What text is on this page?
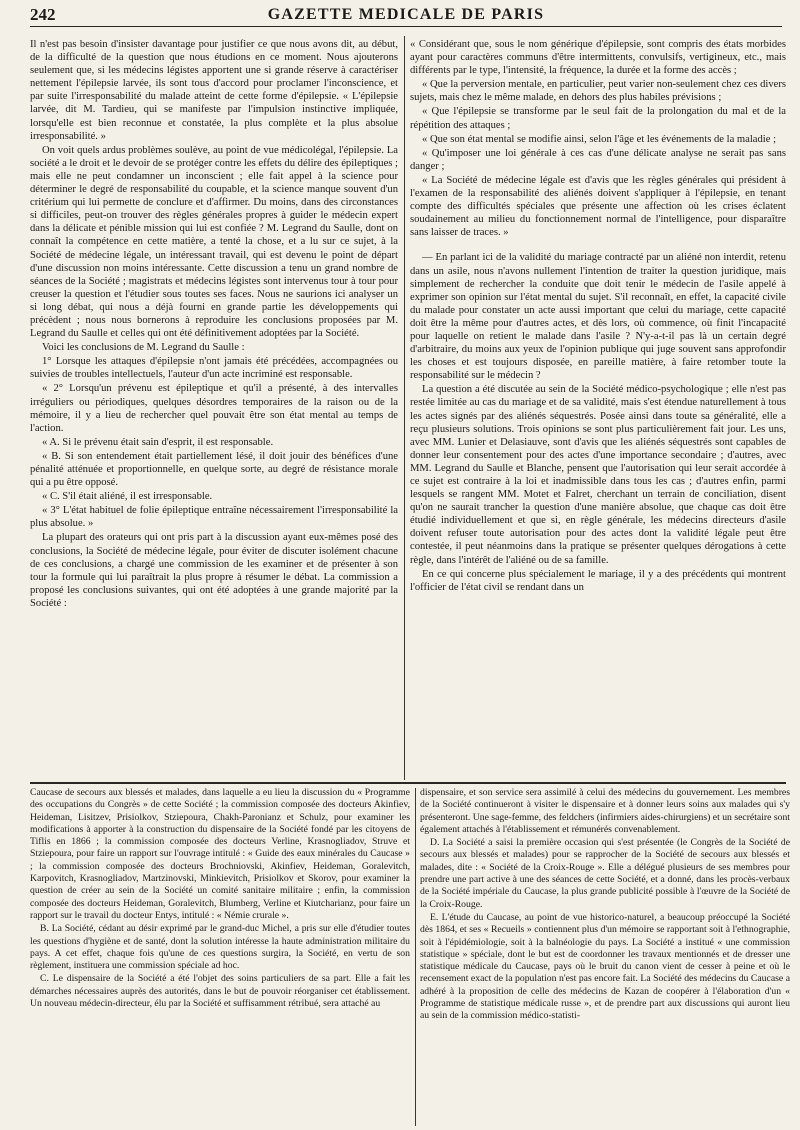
242	GAZETTE MEDICALE DE PARIS

Il n'est pas besoin d'insister davantage pour justifier ce que nous avons dit, au début, de la difficulté de la question que nous étudions en ce moment. Nous ajouterons seulement que, si les médecins légistes apportent une si grande réserve à caractériser nettement l'épilepsie larvée, ils sont tous d'accord pour proclamer l'inconscience, et par suite l'irresponsabilité du malade atteint de cette forme d'épilepsie. « L'épilepsie larvée, dit M. Tardieu, qui se manifeste par l'impulsion instinctive impliquée, lorsqu'elle est bien reconnue et constatée, la plus complète et la plus absolue irresponsabilité. »

On voit quels ardus problèmes soulève, au point de vue médicolégal, l'épilepsie. La société a le droit et le devoir de se protéger contre les effets du délire des épileptiques ; mais elle ne peut condamner un inconscient ; elle fait appel à la science pour déterminer le degré de responsabilité du coupable, et la science manque souvent d'un critérium qui lui permette de conclure et d'affirmer. Du moins, dans des circonstances si difficiles, peut-on trouver des règles générales propres à guider le médecin expert dans la délicate et pénible mission qui lui est confiée ? M. Legrand du Saulle, dont on connaît la compétence en cette matière, a tenté la chose, et a lu sur ce sujet, à la Société de médecine légale, un intéressant travail, qui est devenu le point de départ d'une discussion non moins intéressante. Cette discussion a tenu un grand nombre de séances de la Société ; magistrats et médecins légistes sont intervenus tour à tour pour creuser la question et l'étudier sous toutes ses faces. Nous ne saurions ici analyser un si long débat, qui nous a déjà fourni en grande partie les développements qui précèdent ; nous nous bornerons à reproduire les conclusions proposées par M. Legrand du Saulle et celles qui ont été définitivement adoptées par la Société.

Voici les conclusions de M. Legrand du Saulle :

1° Lorsque les attaques d'épilepsie n'ont jamais été précédées, accompagnées ou suivies de troubles intellectuels, l'auteur d'un acte incriminé est responsable.

« 2° Lorsqu'un prévenu est épileptique et qu'il a présenté, à des intervalles irréguliers ou périodiques, quelques désordres temporaires de la raison ou de la mémoire, il y a lieu de rechercher quel pouvait être son état mental au temps de l'action.

« A. Si le prévenu était sain d'esprit, il est responsable.

« B. Si son entendement était partiellement lésé, il doit jouir des bénéfices d'une pénalité atténuée et proportionnelle, en quelque sorte, au degré de résistance morale qui a pu être opposé.

« C. S'il était aliéné, il est irresponsable.

« 3° L'état habituel de folie épileptique entraîne nécessairement l'irresponsabilité la plus absolue. »

La plupart des orateurs qui ont pris part à la discussion ayant eux-mêmes posé des conclusions, la Société de médecine légale, pour éviter de discuter isolément chacune de ces conclusions, a chargé une commission de les examiner et de présenter à son tour la formule qui lui paraîtrait la plus propre à résumer le débat. La commission a proposé les conclusions suivantes, qui ont été adoptées à une grande majorité par la Société :

« Considérant que, sous le nom générique d'épilepsie, sont compris des états morbides ayant pour caractères communs d'être intermittents, convulsifs, vertigineux, etc., mais différents par le type, l'intensité, la fréquence, la durée et la forme des accès ;

« Que la perversion mentale, en particulier, peut varier non-seulement chez ces divers sujets, mais chez le même malade, en dehors des plus habiles prévisions ;

« Que l'épilepsie se transforme par le seul fait de la prolongation du mal et de la répétition des attaques ;

« Que son état mental se modifie ainsi, selon l'âge et les événements de la maladie ;

« Qu'imposer une loi générale à ces cas d'une délicate analyse ne serait pas sans danger ;

« La Société de médecine légale est d'avis que les règles générales qui président à l'examen de la responsabilité des aliénés doivent s'appliquer à l'épilepsie, en tenant compte des difficultés spéciales que présente une affection où les crises éclatent soudainement au milieu du fonctionnement normal de l'intelligence, pour disparaître sans laisser de traces. »

— En parlant ici de la validité du mariage contracté par un aliéné non interdit, retenu dans un asile, nous n'avons nullement l'intention de traiter la question juridique, mais simplement de rechercher la conduite que doit tenir le médecin de l'asile appelé à exprimer son opinion sur l'état mental du sujet. S'il reconnaît, en effet, la capacité civile du malade pour constater un acte aussi important que celui du mariage, cette capacité doit être la même pour d'autres actes, et dès lors, où commence, où finit l'incapacité pour laquelle on retient le malade dans l'asile ? N'y-a-t-il pas là un certain degré d'arbitraire, du moins aux yeux de l'opinion publique qui juge souvent sans approfondir les choses et est toujours disposée, en pareille matière, à faire retomber toute la responsabilité sur le médecin ?

La question a été discutée au sein de la Société médico-psychologique ; elle n'est pas restée limitée au cas du mariage et de sa validité, mais s'est étendue naturellement à tous les actes signés par des aliénés séquestrés. Posée ainsi dans toute sa généralité, elle a reçu plusieurs solutions. Trois opinions se sont plus particulièrement fait jour. Les uns, avec MM. Lunier et Delasiauve, sont d'avis que les aliénés séquestrés sont capables de donner leur consentement pour des actes d'une importance secondaire ; d'autres, avec MM. Legrand du Saulle et Blanche, pensent que l'autorisation qui leur serait accordée à ce sujet est contraire à la loi et inadmissible dans tous les cas ; d'autres enfin, parmi lesquels se rangent MM. Motet et Falret, cherchant un terrain de conciliation, disent qu'on ne saurait trancher la question d'une manière absolue, que chaque cas doit être étudié individuellement et que si, en règle générale, les médecins directeurs d'asile doivent refuser toute autorisation pour des actes dont la validité légale peut être contestée, il peut néanmoins dans la pratique se présenter quelques dérogations à cette règle, dans l'intérêt de l'aliéné ou de sa famille.

En ce qui concerne plus spécialement le mariage, il y a des précédents qui montrent l'officier de l'état civil se rendant dans un

Caucase de secours aux blessés et malades, dans laquelle a eu lieu la discussion du « Programme des occupations du Congrès » de cette Société ; la commission composée des docteurs Akinfiev, Heideman, Lisitzev, Prisiolkov, Stziepoura, Chakh-Paronianz et Schulz, pour examiner les modifications à apporter à la construction du dispensaire de la Société fondé par les citoyens de Tiflis en 1866 ; la commission composée des docteurs Verline, Krasnogliadov, Struve et Stziepoura, pour faire un rapport sur l'ouvrage intitulé : « Guide des eaux minérales du Caucase » ; la commission composée des docteurs Brochniovski, Akinfiev, Heideman, Goralevitch, Karpovitch, Krasnogliadov, Martzinovski, Minkievitch, Prisiolkov et Skorov, pour examiner la question de créer au sein de la Société un comité sanitaire militaire ; enfin, la commission composée des docteurs Heideman, Goralevitch, Blumberg, Verline et Kiutcharianz, pour faire un rapport sur le travail du docteur Entys, intitulé : « Némie crurale ».

B. La Société, cédant au désir exprimé par le grand-duc Michel, a pris sur elle d'étudier toutes les questions d'hygiène et de santé, dont la solution intéresse la haute administration militaire du pays. A cet effet, chaque fois qu'une de ces questions surgira, la Société, en vertu de son règlement, instituera une commission spéciale ad hoc.

C. Le dispensaire de la Société a été l'objet des soins particuliers de sa part. Elle a fait les démarches nécessaires auprès des autorités, dans le but de pouvoir réorganiser cet établissement. Un nouveau médecin-directeur, élu par la Société et suffisamment rétribué, sera attaché au

dispensaire, et son service sera assimilé à celui des médecins du gouvernement. Les membres de la Société continueront à visiter le dispensaire et à donner leurs soins aux malades qui s'y présenteront. Une sage-femme, des feldchers (infirmiers aides-chirurgiens) et un secrétaire sont également attachés à l'établissement et rémunérés convenablement.

D. La Société a saisi la première occasion qui s'est présentée (le Congrès de la Société de secours aux blessés et malades) pour se rapprocher de la Société de secours aux blessés et malades, dite : « Société de la Croix-Rouge ». Elle a délégué plusieurs de ses membres pour prendre une part active à une des séances de cette Société, et a donné, dans les procès-verbaux de la Société impériale du Caucase, la plus grande publicité possible à l'œuvre de la Société de la Croix-Rouge.

E. L'étude du Caucase, au point de vue historico-naturel, a beaucoup préoccupé la Société dès 1864, et ses « Recueils » contiennent plus d'un mémoire se rapportant soit à l'ethnographie, soit à l'épidémiologie, soit à la balnéologie du pays. La Société a institué « une commission statistique » spéciale, dont le but est de coordonner les travaux mentionnés et de dresser une statistique médicale du Caucase, pays où le bruit du canon vient de cesser à peine et où le recensement exact de la population n'est pas encore fait. La Société des médecins du Caucase a adhéré à la proposition de celle des médecins de Kazan de coopérer à l'élaboration d'un « Programme de statistique médicale russe », et de prendre part aux discussions qui auront lieu au sein de la commission médico-statisti-
